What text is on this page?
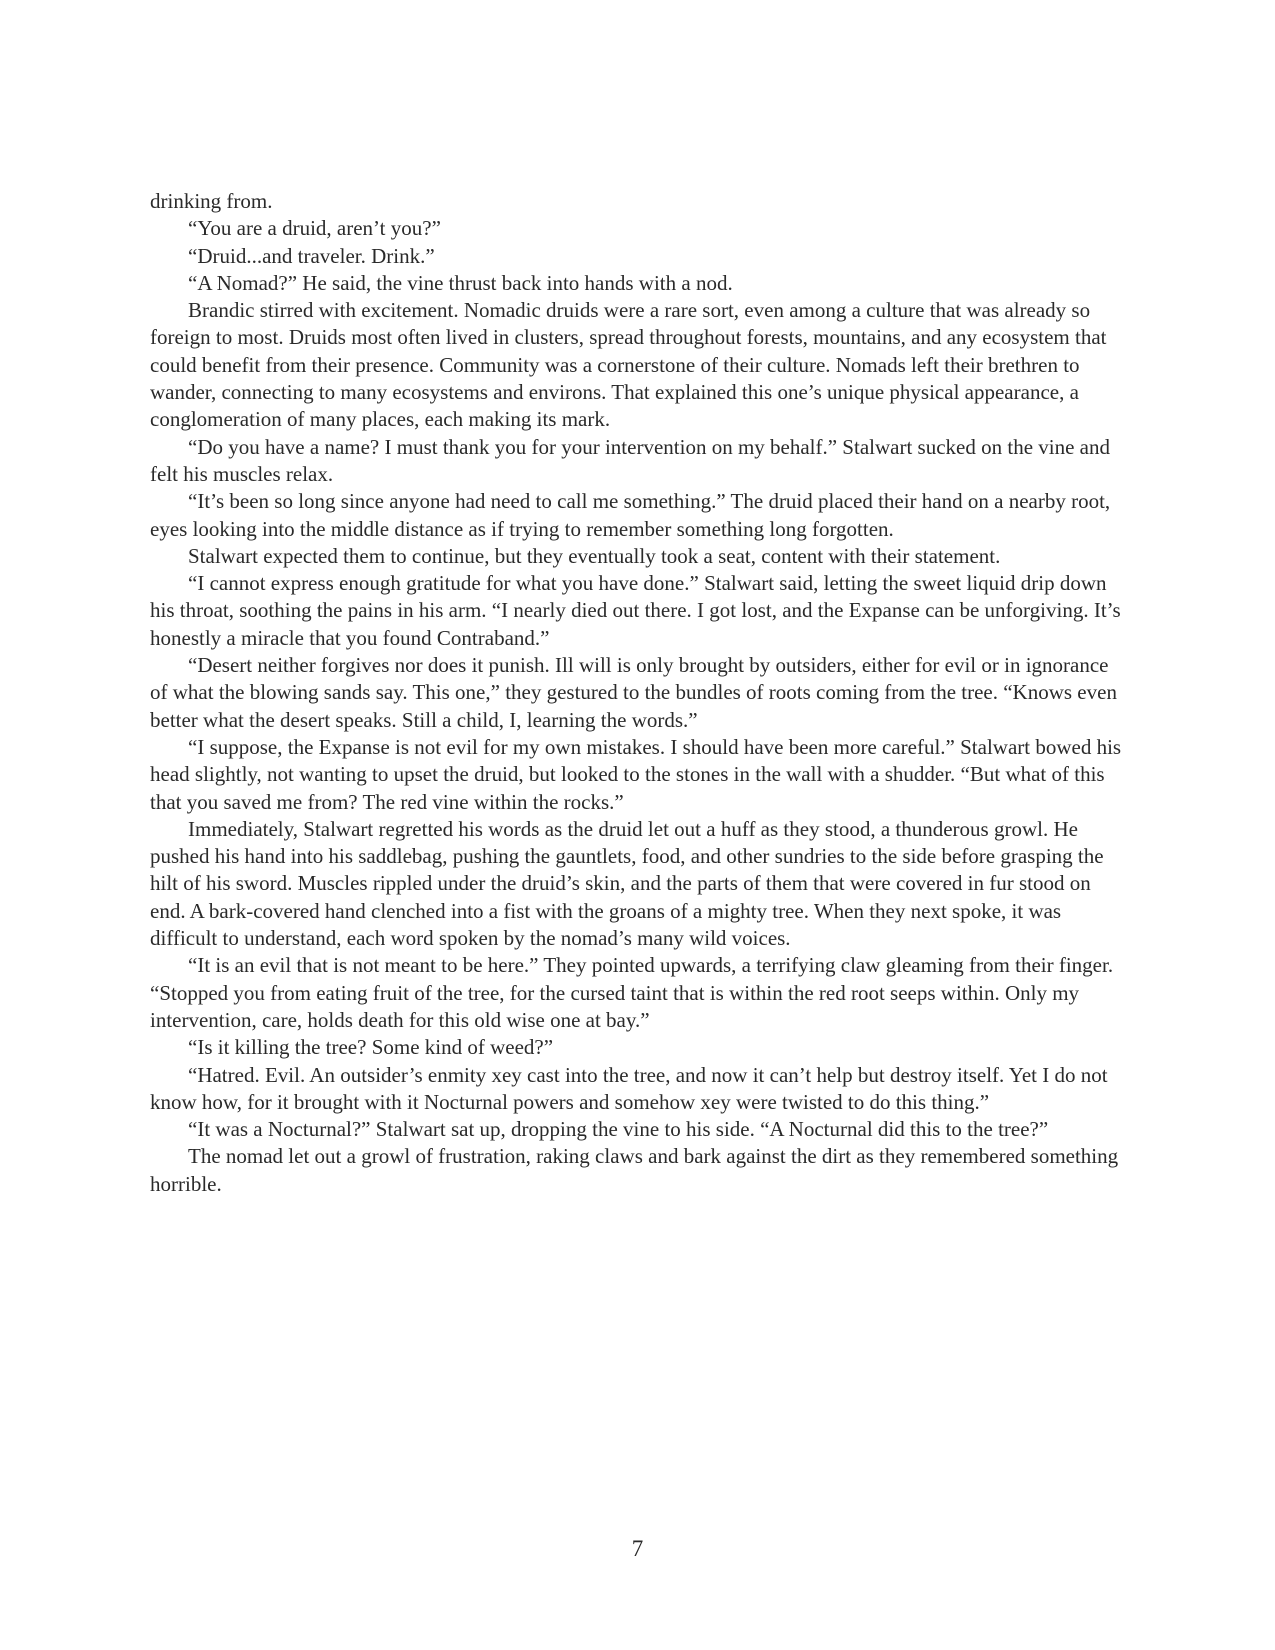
drinking from.

“You are a druid, aren’t you?”

“Druid...and traveler. Drink.”

“A Nomad?” He said, the vine thrust back into hands with a nod.

Brandic stirred with excitement. Nomadic druids were a rare sort, even among a culture that was already so foreign to most. Druids most often lived in clusters, spread throughout forests, mountains, and any ecosystem that could benefit from their presence. Community was a cornerstone of their culture. Nomads left their brethren to wander, connecting to many ecosystems and environs. That explained this one’s unique physical appearance, a conglomeration of many places, each making its mark.

“Do you have a name? I must thank you for your intervention on my behalf.” Stalwart sucked on the vine and felt his muscles relax.

“It’s been so long since anyone had need to call me something.” The druid placed their hand on a nearby root, eyes looking into the middle distance as if trying to remember something long forgotten.

Stalwart expected them to continue, but they eventually took a seat, content with their statement.

“I cannot express enough gratitude for what you have done.” Stalwart said, letting the sweet liquid drip down his throat, soothing the pains in his arm. “I nearly died out there. I got lost, and the Expanse can be unforgiving. It’s honestly a miracle that you found Contraband.”

“Desert neither forgives nor does it punish. Ill will is only brought by outsiders, either for evil or in ignorance of what the blowing sands say. This one,” they gestured to the bundles of roots coming from the tree. “Knows even better what the desert speaks. Still a child, I, learning the words.”

“I suppose, the Expanse is not evil for my own mistakes. I should have been more careful.” Stalwart bowed his head slightly, not wanting to upset the druid, but looked to the stones in the wall with a shudder. “But what of this that you saved me from? The red vine within the rocks.”

Immediately, Stalwart regretted his words as the druid let out a huff as they stood, a thunderous growl. He pushed his hand into his saddlebag, pushing the gauntlets, food, and other sundries to the side before grasping the hilt of his sword. Muscles rippled under the druid’s skin, and the parts of them that were covered in fur stood on end. A bark-covered hand clenched into a fist with the groans of a mighty tree. When they next spoke, it was difficult to understand, each word spoken by the nomad’s many wild voices.

“It is an evil that is not meant to be here.” They pointed upwards, a terrifying claw gleaming from their finger. “Stopped you from eating fruit of the tree, for the cursed taint that is within the red root seeps within. Only my intervention, care, holds death for this old wise one at bay.”

“Is it killing the tree? Some kind of weed?”

“Hatred. Evil. An outsider’s enmity xey cast into the tree, and now it can’t help but destroy itself. Yet I do not know how, for it brought with it Nocturnal powers and somehow xey were twisted to do this thing.”

“It was a Nocturnal?” Stalwart sat up, dropping the vine to his side. “A Nocturnal did this to the tree?”

The nomad let out a growl of frustration, raking claws and bark against the dirt as they remembered something horrible.

7
